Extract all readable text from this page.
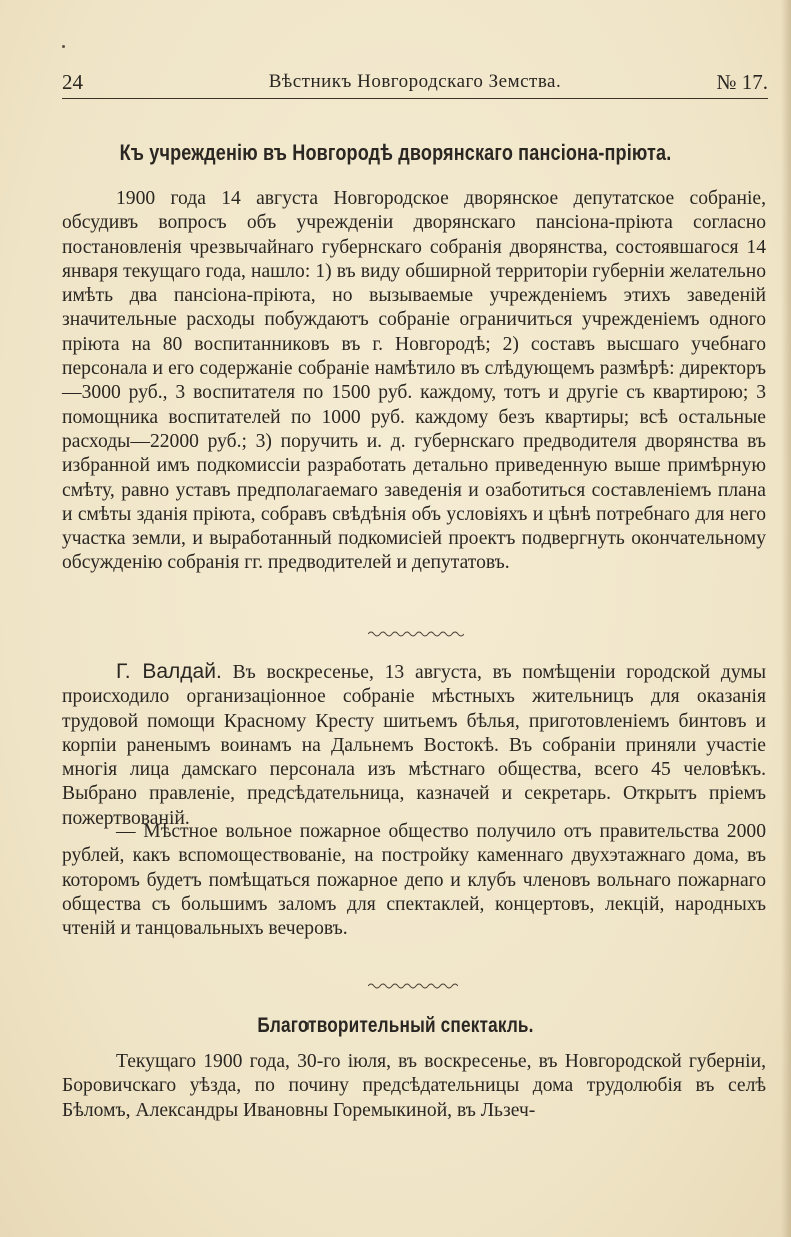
24	Вѣстникъ Новгородскаго Земства.	№ 17.
Къ учрежденію въ Новгородѣ дворянскаго пансіона-пріюта.

1900 года 14 августа Новгородское дворянское депутатское собраніе, обсудивъ вопросъ объ учрежденіи дворянскаго пансіона-пріюта согласно постановленія чрезвычайнаго губернскаго собранія дворянства, состоявшагося 14 января текущаго года, нашло: 1) въ виду обширной территоріи губерніи желательно имѣть два пансіона-пріюта, но вызываемые учрежденіемъ этихъ заведеній значительные расходы побуждаютъ собраніе ограничиться учрежденіемъ одного пріюта на 80 воспитанниковъ въ г. Новгородѣ; 2) составъ высшаго учебнаго персонала и его содержаніе собраніе намѣтило въ слѣдующемъ размѣрѣ: директоръ—3000 руб., 3 воспитателя по 1500 руб. каждому, тотъ и другіе съ квартирою; 3 помощника воспитателей по 1000 руб. каждому безъ квартиры; всѣ остальные расходы—22000 руб.; 3) поручить и. д. губернскаго предводителя дворянства въ избранной имъ подкомиссіи разработать детально приведенную выше примѣрную смѣту, равно уставъ предполагаемаго заведенія и озаботиться составленіемъ плана и смѣты зданія пріюта, собравъ свѣдѣнія объ условіяхъ и цѣнѣ потребнаго для него участка земли, и выработанный подкомисіей проектъ подвергнуть окончательному обсужденію собранія гг. предводителей и депутатовъ.

Г. Валдай. Въ воскресенье, 13 августа, въ помѣщеніи городской думы происходило организаціонное собраніе мѣстныхъ жительницъ для оказанія трудовой помощи Красному Кресту шитьемъ бѣлья, приготовленіемъ бинтовъ и корпіи раненымъ воинамъ на Дальнемъ Востокѣ. Въ собраніи приняли участіе многія лица дамскаго персонала изъ мѣстнаго общества, всего 45 человѣкъ. Выбрано правленіе, предсѣдательница, казначей и секретарь. Открытъ пріемъ пожертвованій.

— Мѣстное вольное пожарное общество получило отъ правительства 2000 рублей, какъ вспомоществованіе, на постройку каменнаго двухэтажнаго дома, въ которомъ будетъ помѣщаться пожарное депо и клубъ членовъ вольнаго пожарнаго общества съ большимъ заломъ для спектаклей, концертовъ, лекцій, народныхъ чтеній и танцовальныхъ вечеровъ.

Благотворительный спектакль.

Текущаго 1900 года, 30-го іюля, въ воскресенье, въ Новгородской губерніи, Боровичскаго уѣзда, по почину предсѣдательницы дома трудолюбія въ селѣ Бѣломъ, Александры Ивановны Горемыкиной, въ Льзеч-
